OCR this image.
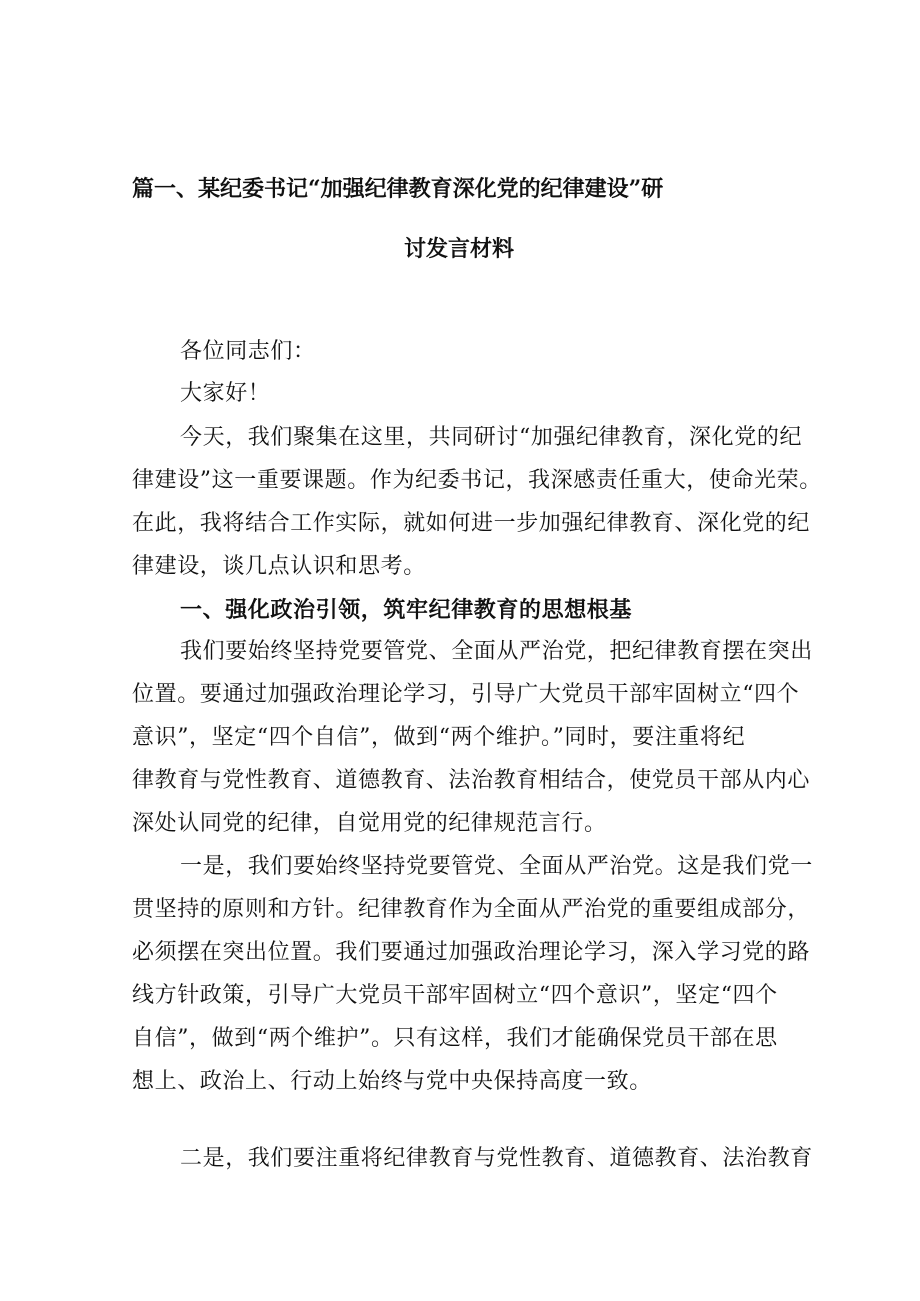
篇一、某纪委书记“加强纪律教育深化党的纪律建设”研
讨发言材料
各位同志们：
大家好！
今天，我们聚集在这里，共同研讨“加强纪律教育，深化党的纪
律建设”这一重要课题。作为纪委书记，我深感责任重大，使命光荣。
在此，我将结合工作实际，就如何进一步加强纪律教育、深化党的纪
律建设，谈几点认识和思考。
一、强化政治引领，筑牢纪律教育的思想根基
我们要始终坚持党要管党、全面从严治党，把纪律教育摆在突出
位置。要通过加强政治理论学习，引导广大党员干部牢固树立“四个
意识”，坚定“四个自信”，做到“两个维护。”同时，要注重将纪
律教育与党性教育、道德教育、法治教育相结合，使党员干部从内心
深处认同党的纪律，自觉用党的纪律规范言行。
一是，我们要始终坚持党要管党、全面从严治党。这是我们党一
贯坚持的原则和方针。纪律教育作为全面从严治党的重要组成部分，
必须摆在突出位置。我们要通过加强政治理论学习，深入学习党的路
线方针政策，引导广大党员干部牢固树立“四个意识”，坚定“四个
自信”，做到“两个维护”。只有这样，我们才能确保党员干部在思
想上、政治上、行动上始终与党中央保持高度一致。
二是，我们要注重将纪律教育与党性教育、道德教育、法治教育
